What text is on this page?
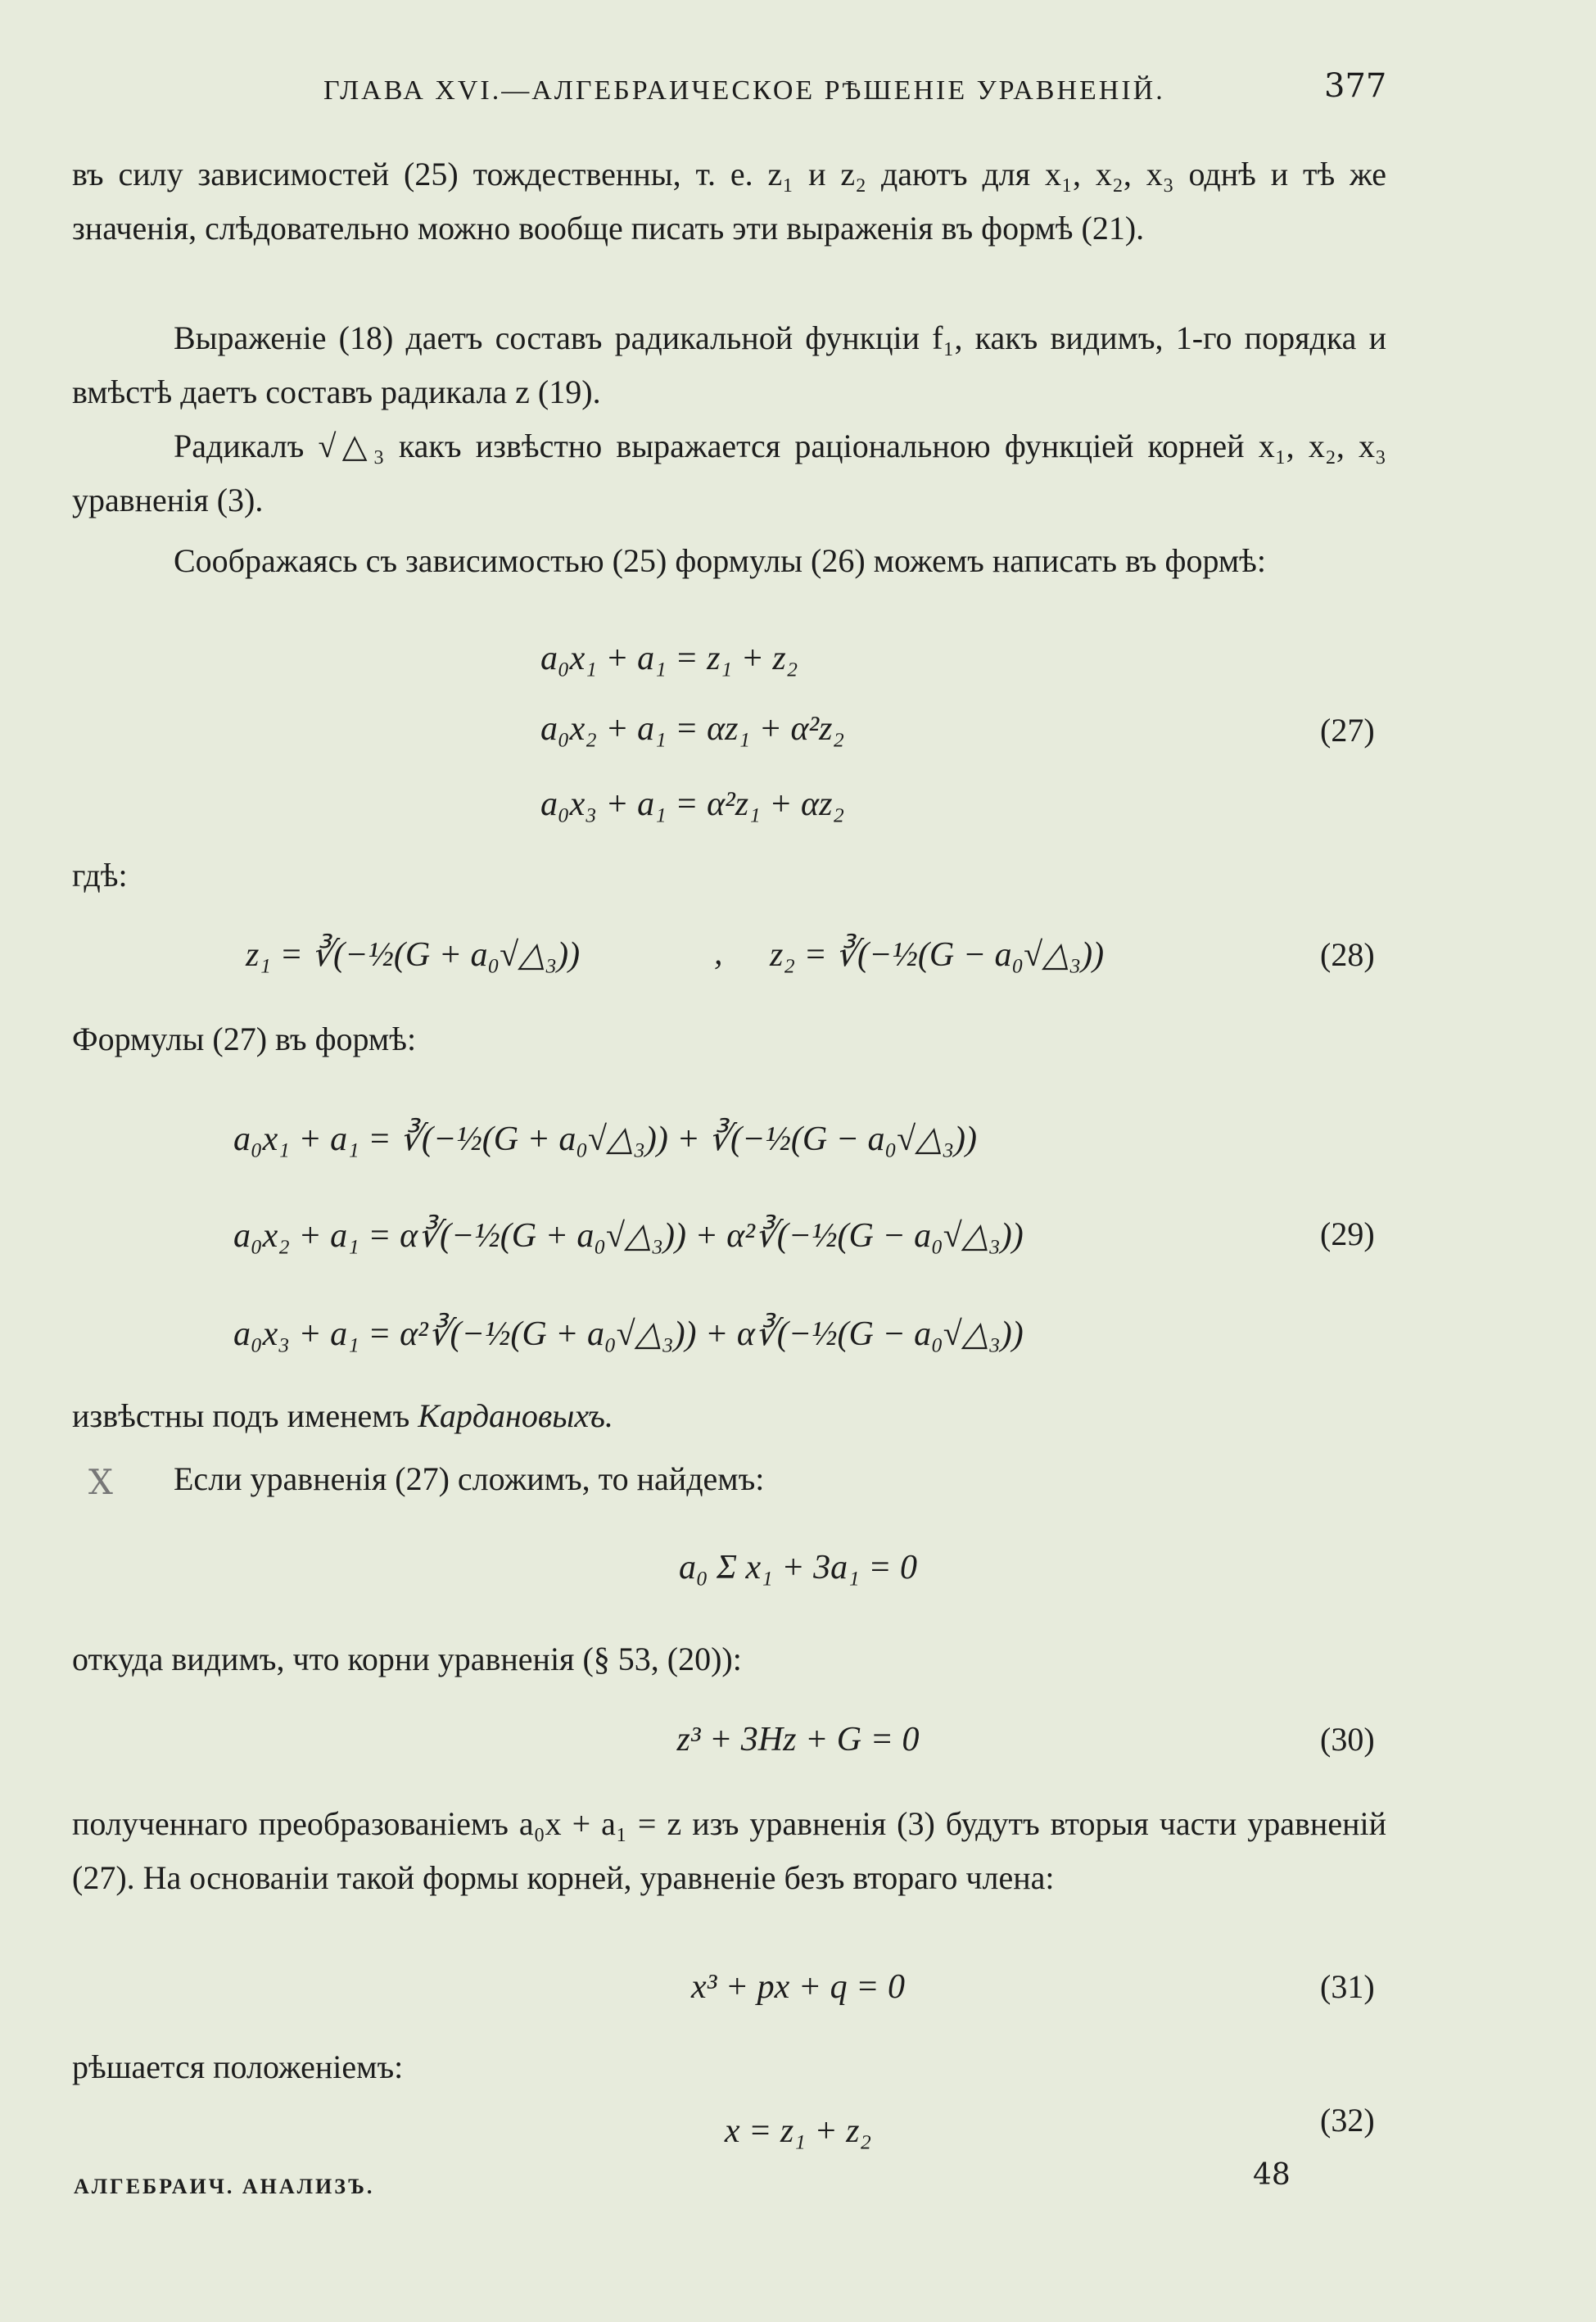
ГЛАВА XVI.—АЛГЕБРАИЧЕСКОЕ РѢШЕНІЕ УРАВНЕНІЙ.	377
въ силу зависимостей (25) тождественны, т. е. z₁ и z₂ даютъ для x₁, x₂, x₃ однѣ и тѣ же значенія, слѣдовательно можно вообще писать эти выраженія въ формѣ (21).
Выраженіе (18) даетъ составъ радикальной функціи f₁, какъ видимъ, 1-го порядка и вмѣстѣ даетъ составъ радикала z (19).
Радикалъ √△₃ какъ извѣстно выражается раціональною функціей корней x₁, x₂, x₃ уравненія (3).
Соображаясь съ зависимостью (25) формулы (26) можемъ написать въ формѣ:
a₀x₁ + a₁ = z₁ + z₂
a₀x₂ + a₁ = αz₁ + α²z₂
a₀x₃ + a₁ = α²z₁ + αz₂
(27)
гдѣ:
z₁ = ∛(−½(G + a₀√△₃))	, z₂ = ∛(−½(G − a₀√△₃))	(28)
Формулы (27) въ формѣ:
a₀x₁ + a₁ = ∛(−½(G + a₀√△₃)) + ∛(−½(G − a₀√△₃))
a₀x₂ + a₁ = α∛(−½(G + a₀√△₃)) + α²∛(−½(G − a₀√△₃))
a₀x₃ + a₁ = α²∛(−½(G + a₀√△₃)) + α∛(−½(G − a₀√△₃))
(29)
извѣстны подъ именемъ Каpдановыхъ.
X Если уравненія (27) сложимъ, то найдемъ:
a₀ Σ x₁ + 3a₁ = 0
откуда видимъ, что корни уравненія (§ 53, (20)):
z³ + 3Hz + G = 0	(30)
полученнаго преобразованіемъ a₀x + a₁ = z изъ уравненія (3) будутъ вторыя части уравненій (27). На основаніи такой формы корней, уравненіе безъ втораго члена:
x³ + px + q = 0	(31)
рѣшается положеніемъ:
x = z₁ + z₂	(32)
АЛГЕБРАИЧ. АНАЛИЗЪ.	48
